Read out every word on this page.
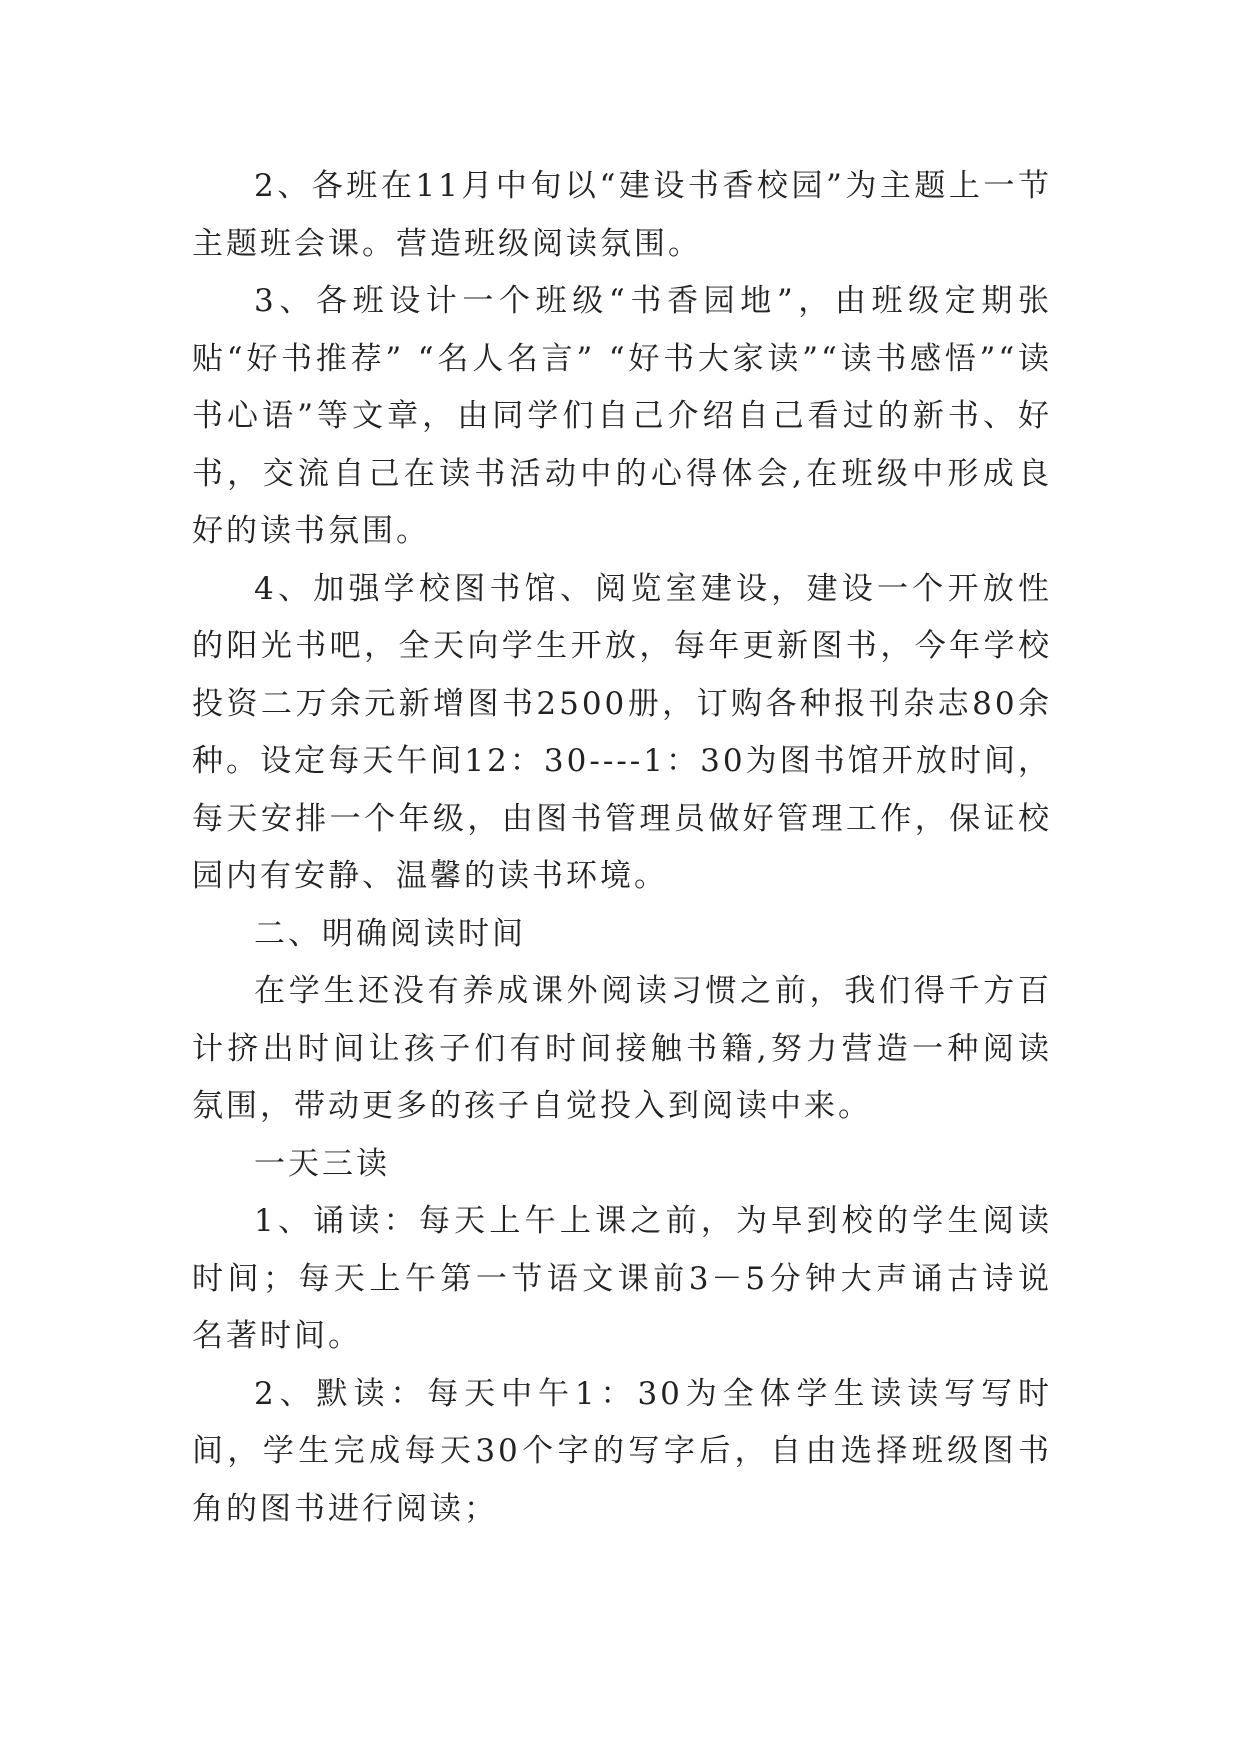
2、各班在11月中旬以“建设书香校园”为主题上一节主题班会课。营造班级阅读氛围。

3、各班设计一个班级“书香园地”，由班级定期张贴“好书推荐” “名人名言” “好书大家读”“读书感悟”“读书心语”等文章，由同学们自己介绍自己看过的新书、好书，交流自己在读书活动中的心得体会,在班级中形成良好的读书氛围。

4、加强学校图书馆、阅览室建设，建设一个开放性的阳光书吧，全天向学生开放，每年更新图书，今年学校投资二万余元新增图书2500册，订购各种报刊杂志80余种。设定每天午间12：30----1：30为图书馆开放时间，每天安排一个年级，由图书管理员做好管理工作，保证校园内有安静、温馨的读书环境。

二、明确阅读时间

在学生还没有养成课外阅读习惯之前，我们得千方百计挤出时间让孩子们有时间接触书籍,努力营造一种阅读氛围，带动更多的孩子自觉投入到阅读中来。

一天三读

1、诵读：每天上午上课之前，为早到校的学生阅读时间；每天上午第一节语文课前3－5分钟大声诵古诗说名著时间。

2、默读：每天中午1：30为全体学生读读写写时间，学生完成每天30个字的写字后，自由选择班级图书角的图书进行阅读；
